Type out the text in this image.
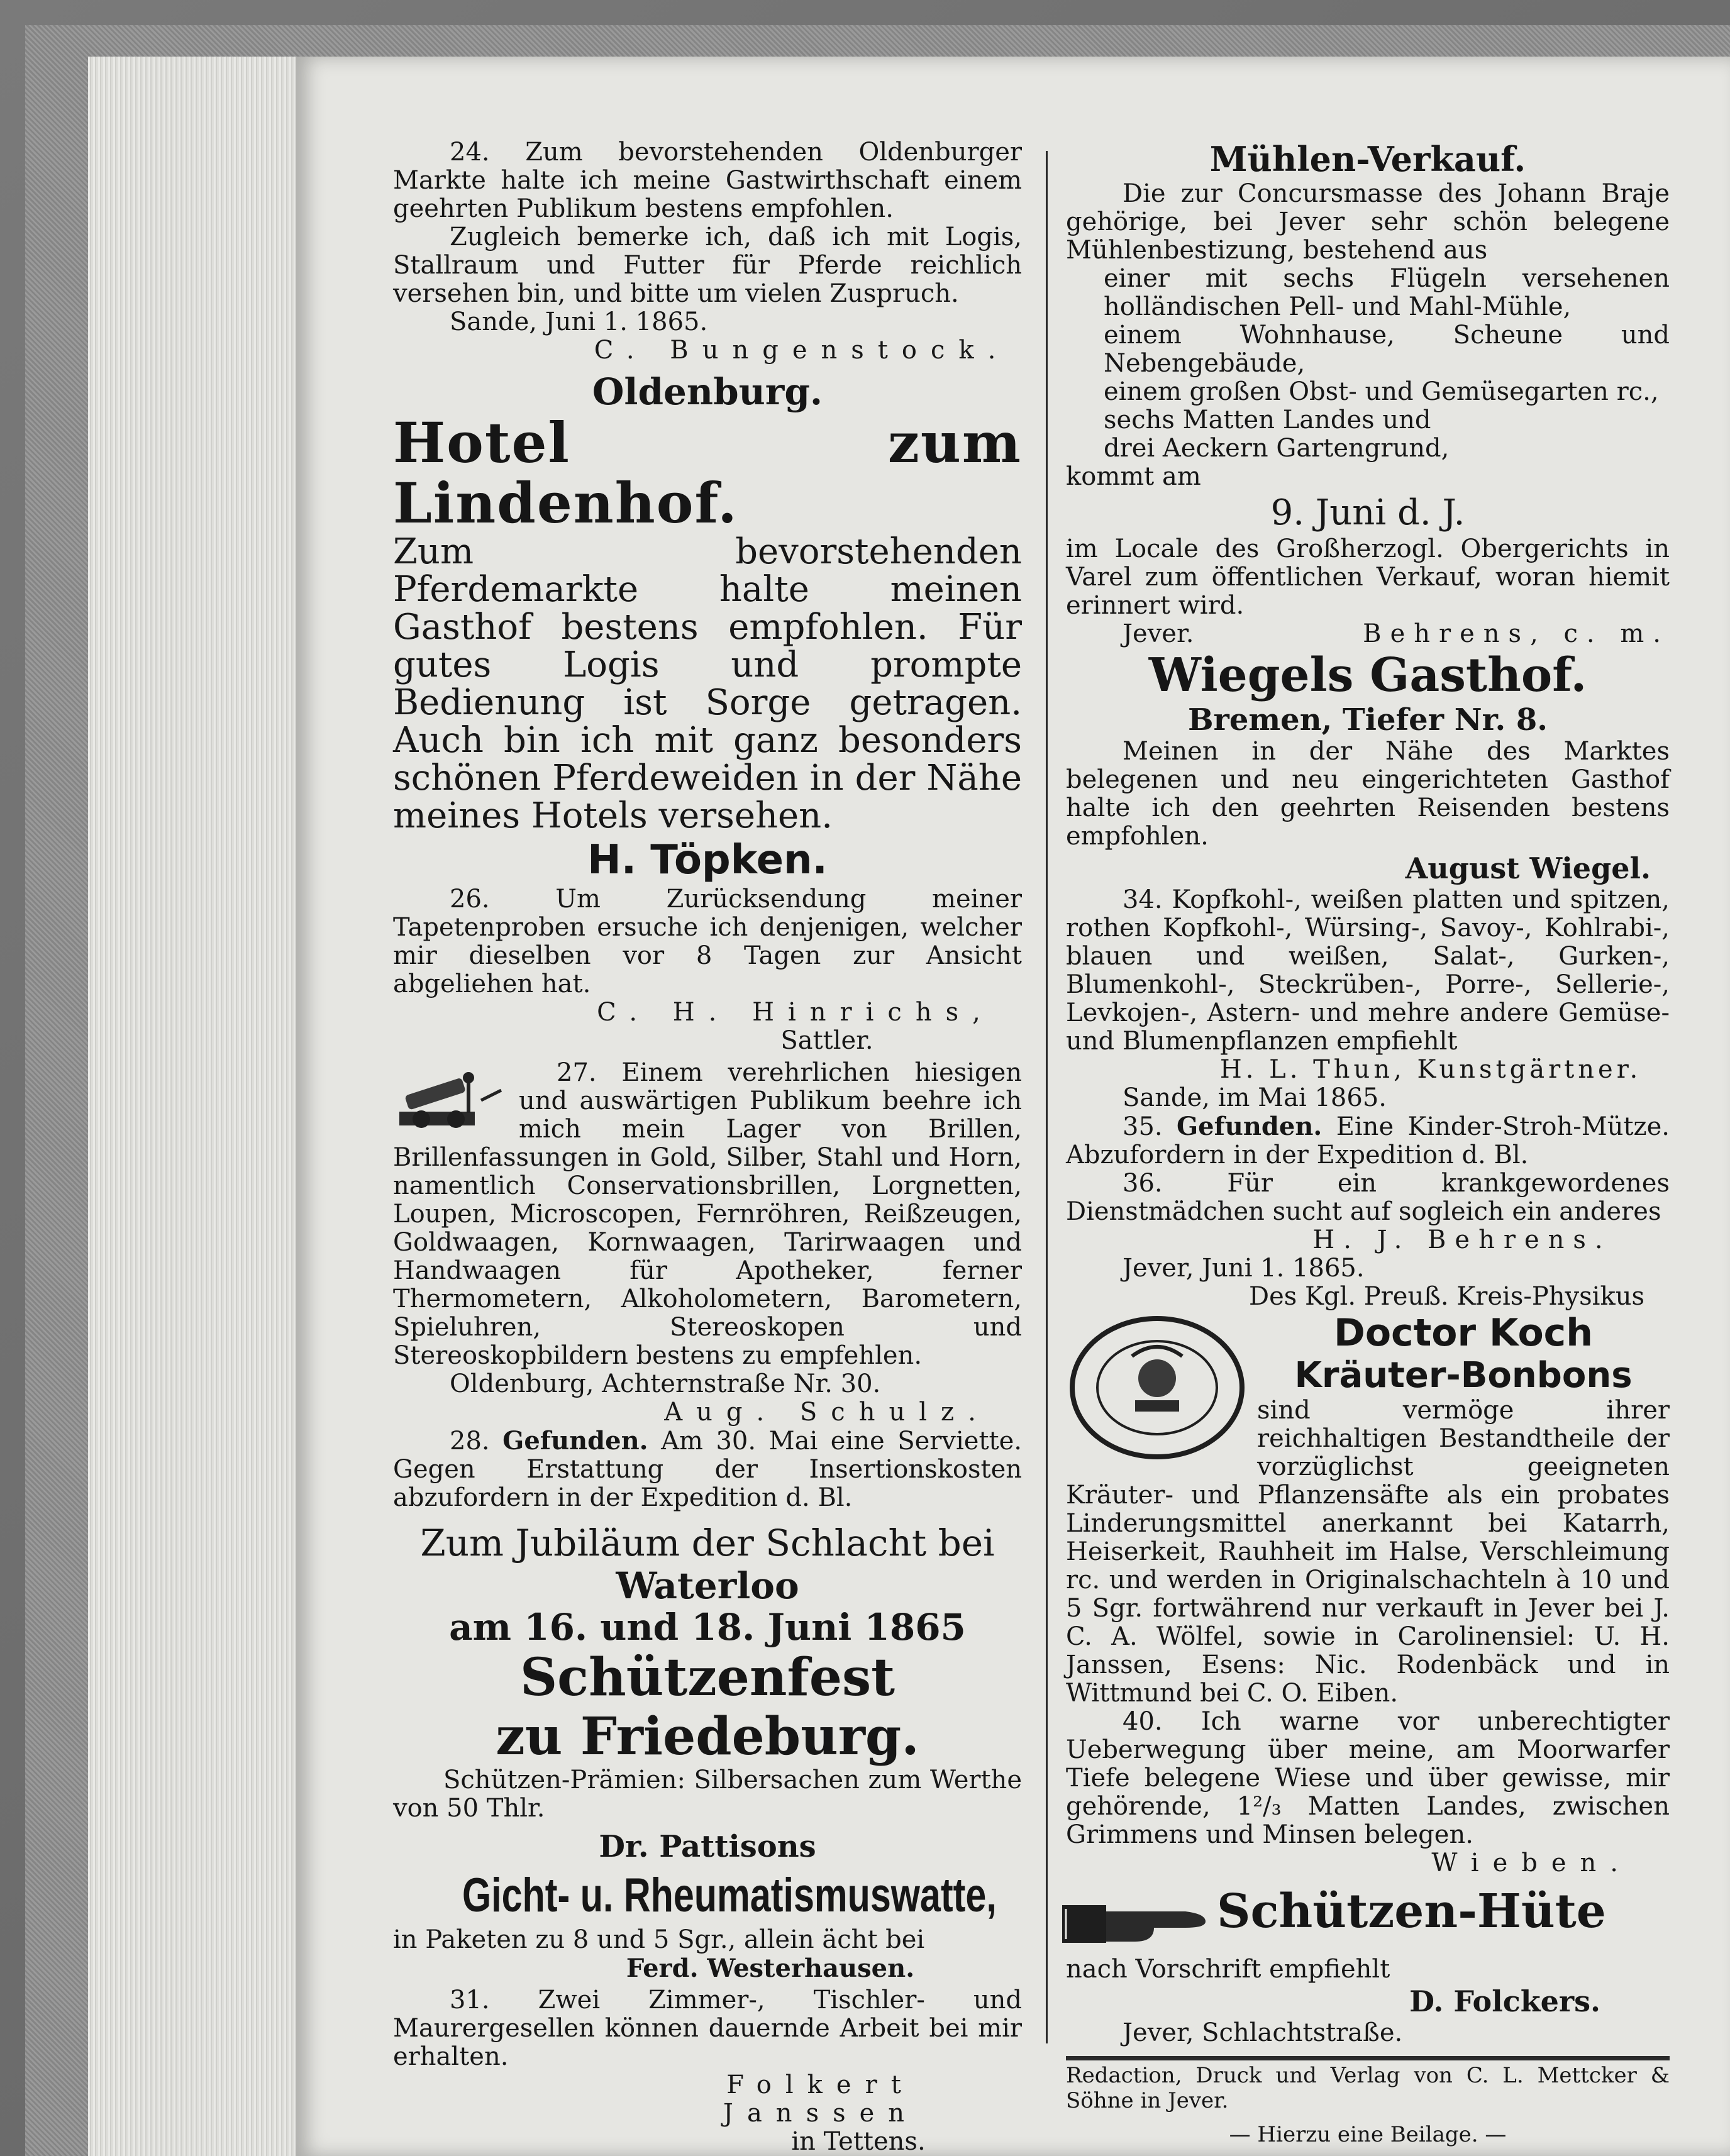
24. Zum bevorstehenden Oldenburger Markte halte ich meine Gastwirthschaft einem geehrten Publikum bestens empfohlen.

Zugleich bemerke ich, daß ich mit Logis, Stallraum und Futter für Pferde reichlich versehen bin, und bitte um vielen Zuspruch.

Sande, Juni 1. 1865.

C. Bungenstock.

Oldenburg.

Hotel zum Lindenhof.

Zum bevorstehenden Pferdemarkte halte meinen Gasthof bestens empfohlen. Für gutes Logis und prompte Bedienung ist Sorge getragen. Auch bin ich mit ganz besonders schönen Pferdeweiden in der Nähe meines Hotels versehen.

H. Töpken.

26. Um Zurücksendung meiner Tapetenproben ersuche ich denjenigen, welcher mir dieselben vor 8 Tagen zur Ansicht abgeliehen hat.

C. H. Hinrichs,

Sattler.

27. Einem verehrlichen hiesigen und auswärtigen Publikum beehre ich mich mein Lager von Brillen, Brillenfassungen in Gold, Silber, Stahl und Horn, namentlich Conservationsbrillen, Lorgnetten, Loupen, Microscopen, Fernröhren, Reißzeugen, Goldwaagen, Kornwaagen, Tarirwaagen und Handwaagen für Apotheker, ferner Thermometern, Alkoholometern, Barometern, Spieluhren, Stereoskopen und Stereoskopbildern bestens zu empfehlen.

Oldenburg, Achternstraße Nr. 30.

Aug. Schulz.

28. Gefunden. Am 30. Mai eine Serviette. Gegen Erstattung der Insertionskosten abzufordern in der Expedition d. Bl.

Zum Jubiläum der Schlacht bei

Waterloo

am 16. und 18. Juni 1865

Schützenfest

zu Friedeburg.

Schützen-Prämien: Silbersachen zum Werthe von 50 Thlr.

Dr. Pattisons

Gicht- u. Rheumatismuswatte,

in Paketen zu 8 und 5 Sgr., allein ächt bei

Ferd. Westerhausen.

31. Zwei Zimmer-, Tischler- und Maurergesellen können dauernde Arbeit bei mir erhalten.

Folkert Janssen

in Tettens.

Mühlen-Verkauf.

Die zur Concursmasse des Johann Braje gehörige, bei Jever sehr schön belegene Mühlenbestizung, bestehend aus

einer mit sechs Flügeln versehenen holländischen Pell- und Mahl-Mühle,

einem Wohnhause, Scheune und Nebengebäude,

einem großen Obst- und Gemüsegarten rc.,

sechs Matten Landes und

drei Aeckern Gartengrund,

kommt am

9. Juni d. J.

im Locale des Großherzogl. Obergerichts in Varel zum öffentlichen Verkauf, woran hiemit erinnert wird.

Jever.	Behrens, c. m.

Wiegels Gasthof.

Bremen, Tiefer Nr. 8.

Meinen in der Nähe des Marktes belegenen und neu eingerichteten Gasthof halte ich den geehrten Reisenden bestens empfohlen.

August Wiegel.

34. Kopfkohl-, weißen platten und spitzen, rothen Kopfkohl-, Würsing-, Savoy-, Kohlrabi-, blauen und weißen, Salat-, Gurken-, Blumenkohl-, Steckrüben-, Porre-, Sellerie-, Levkojen-, Astern- und mehre andere Gemüse- und Blumenpflanzen empfiehlt

H. L. Thun, Kunstgärtner.

Sande, im Mai 1865.

35. Gefunden. Eine Kinder-Stroh-Mütze. Abzufordern in der Expedition d. Bl.

36. Für ein krankgewordenes Dienstmädchen sucht auf sogleich ein anderes

H. J. Behrens.

Jever, Juni 1. 1865.

Des Kgl. Preuß. Kreis-Physikus

Doctor Koch

Kräuter-Bonbons

sind vermöge ihrer reichhaltigen Bestandtheile der vorzüglichst geeigneten Kräuter- und Pflanzensäfte als ein probates Linderungsmittel anerkannt bei Katarrh, Heiserkeit, Rauhheit im Halse, Verschleimung rc. und werden in Originalschachteln à 10 und 5 Sgr. fortwährend nur verkauft in Jever bei J. C. A. Wölfel, sowie in Carolinensiel: U. H. Janssen, Esens: Nic. Rodenbäck und in Wittmund bei C. O. Eiben.

40. Ich warne vor unberechtigter Ueberwegung über meine, am Moorwarfer Tiefe belegene Wiese und über gewisse, mir gehörende, 1²/₃ Matten Landes, zwischen Grimmens und Minsen belegen.

Wieben.

Schützen-Hüte

nach Vorschrift empfiehlt

D. Folckers.

Jever, Schlachtstraße.

Redaction, Druck und Verlag von C. L. Mettcker & Söhne in Jever.

— Hierzu eine Beilage. —
